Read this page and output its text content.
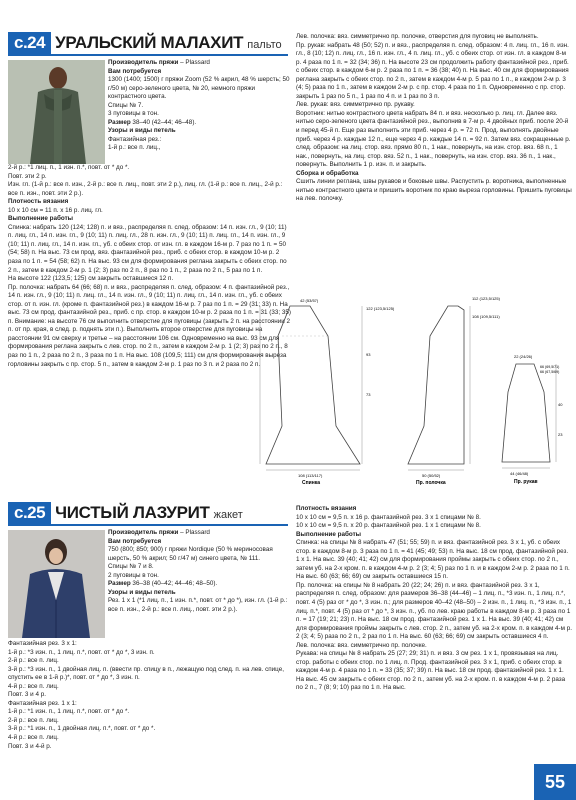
с.24 УРАЛЬСКИЙ МАЛАХИТ пальто

Производитель пряжи – Plassard

Вам потребуется

1300 (1400; 1500) г пряжи Zoom (52 % акрил, 48 % шерсть; 50 г/50 м) серо-зеленого цвета, № 20, немного пряжи контрастного цвета.

Спицы № 7.

3 пуговицы в тон.

Размер 38–40 (42–44; 46–48).

Узоры и виды петель

Фантазийная рез.:

1-й р.: все п. лиц.,

2-й р.: *1 лиц. п., 1 изн. п.*, повт. от * до *.

Повт. эти 2 р.

Изн. гл. (1-й р.: все п. изн., 2-й р.: все п. лиц., повт. эти 2 р.), лиц. гл. (1-й р.: все п. лиц., 2-й р.: все п. изн., повт. эти 2 р.).

Плотность вязания

10 x 10 см = 11 п. x 16 р. лиц. гл.

Выполнение работы

Спинка: набрать 120 (124; 128) п. и вяз., распределяя п. след. образом: 14 п. изн. гл., 9 (10; 11) п. лиц. гл., 14 п. изн. гл., 9 (10; 11) п. лиц. гл., 28 п. изн. гл., 9 (10; 11) п. лиц. гл., 14 п. изн. гл., 9 (10; 11) п. лиц. гл., 14 п. изн. гл., уб. с обеих стор. от изн. гл. в каждом 16-м р. 7 раз по 1 п. = 50 (54; 58) п. На выс. 73 см прод. вяз. фантазийной рез., приб. с обеих стор. в каждом 10-м р. 2 раза по 1 п. = 54 (58; 62) п. На выс. 93 см для формирования реглана закрыть с обеих стор. по 2 п., затем в каждом 2-м р. 1 (2; 3) раз по 2 п., 8 раз по 1 п., 2 раза по 2 п., 5 раз по 1 п.

На высоте 122 (123,5; 125) см закрыть оставшиеся 12 п.

Пр. полочка: набрать 64 (66; 68) п. и вяз., распределяя п. след. образом: 4 п. фантазийной рез., 14 п. изн. гл., 9 (10; 11) п. лиц. гл., 14 п. изн. гл., 9 (10; 11) п. лиц. гл., 14 п. изн. гл., уб. с обеих стор. от п. изн. гл. (кроме п. фантазийной рез.) в каждом 16-м р. 7 раз по 1 п. = 29 (31; 33) п. На выс. 73 см прод. фантазийной рез., приб. с пр. стор. в каждом 10-м р. 2 раза по 1 п. = 31 (33; 35) п. Внимание: на высоте 76 см выполнить отверстие для пуговицы (закрыть 2 п. на расстоянии 2 п. от пр. края, в след. р. поднять эти п.). Выполнить второе отверстие для пуговицы на расстоянии 91 см сверху и третье – на расстоянии 106 см. Одновременно на выс. 93 см для формирования реглана закрыть с лев. стор. по 2 п., затем в каждом 2-м р. 1 (2; 3) раз по 2 п., 8 раз по 1 п., 2 раза по 2 п., 3 раза по 1 п. На выс. 108 (109,5; 111) см для формирования выреза горловины закрыть с пр. стор. 5 п., затем в каждом 2-м р. 1 раз по 3 п. и 2 раза по 2 п.

Лев. полочка: вяз. симметрично пр. полочке, отверстия для пуговиц не выполнять.

Пр. рукав: набрать 48 (50; 52) п. и вяз., распределяя п. след. образом: 4 п. лиц. гл., 16 п. изн. гл., 8 (10; 12) п. лиц. гл., 16 п. изн. гл., 4 п. лиц. гл., уб. с обеих стор. от изн. гл. в каждом 8-м р. 4 раза по 1 п. = 32 (34; 36) п. На высоте 23 см продолжить работу фантазийной рез., приб. с обеих стор. в каждом 6-м р. 2 раза по 1 п. = 36 (38; 40) п. На выс. 40 см для формирования реглана закрыть с обеих стор. по 2 п., затем в каждом 4-м р. 5 раз по 1 п., в каждом 2-м р. 3 (4; 5) раза по 1 п., затем в каждом 2-м р. с пр. стор. 4 раза по 1 п. Одновременно с пр. стор. закрыть 1 раз по 5 п., 1 раз по 4 п. и 1 раз по 3 п.

Лев. рукав: вяз. симметрично пр. рукаву.

Воротник: нитью контрастного цвета набрать 84 п. и вяз. несколько р. лиц. гл. Далее вяз. нитью серо-зеленого цвета фантазийной рез., выполнив в 7-м р. 4 двойных приб. после 20-й и перед 45-й п. Еще раз выполнить эти приб. через 4 р. = 72 п. Прод. выполнять двойные приб. через 4 р. каждые 12 п., еще через 4 р. каждые 14 п. = 92 п. Затем вяз. сокращенные р. след. образом: на лиц. стор. вяз. прямо 80 п., 1 нак., повернуть, на изн. стор. вяз. 68 п., 1 нак., повернуть, на лиц. стор. вяз. 52 п., 1 нак., повернуть, на изн. стор. вяз. 36 п., 1 нак., повернуть. Выполнить 1 р. изн. п. и закрыть.

Сборка и обработка

Сшить линии реглана, швы рукавов и боковые швы. Распустить р. воротника, выполненные нитью контрастного цвета и пришить воротник по краю выреза горловины. Пришить пуговицы на лев. полочку.

42 (53/57)
122 (123,5/125)
93
73
108 (113/117)
Спинка
112 (123,5/125)
108 (109,5/111)
50 (50/52)
Пр. полочка
22 (24/26)
66 (69,5/71)
66 (67,5/69)
40
23
44 (46/48)
Пр. рукав
с.25 ЧИСТЫЙ ЛАЗУРИТ жакет

Производитель пряжи – Plassard

Вам потребуется

750 (800; 850; 900) г пряжи Nordique (50 % мериносовая шерсть, 50 % акрил; 50 г/47 м) синего цвета, № 111.

Спицы № 7 и 8.

2 пуговицы в тон.

Размер 36–38 (40–42; 44–46; 48–50).

Узоры и виды петель

Рез. 1 x 1 (*1 лиц. п., 1 изн. п.*, повт. от * до *), изн. гл. (1-й р.: все п. изн., 2-й р.: все п. лиц., повт. эти 2 р.).

Фантазийная рез. 3 x 1:

1-й р.: *3 изн. п., 1 лиц. п.*, повт. от * до *, 3 изн. п.

2-й р.: все п. лиц.

3-й р.: *3 изн. п., 1 двойная лиц. п. (ввести пр. спицу в п., лежащую под след. п. на лев. спице, спустить ее в 1-й р.)*, повт. от * до *, 3 изн. п.

4-й р.: все п. лиц.

Повт. 3 и 4 р.

Фантазийная рез. 1 x 1:

1-й р.: *1 изн. п., 1 лиц. п.*, повт. от * до *.

2-й р.: все п. лиц.

3-й р.: *1 изн. п., 1 двойная лиц. п.*, повт. от * до *.

4-й р.: все п. лиц.

Повт. 3 и 4-й р.

Плотность вязания

10 x 10 см = 9,5 п. x 16 р. фантазийной рез. 3 x 1 спицами № 8.

10 x 10 см = 9,5 п. x 20 р. фантазийной рез. 1 x 1 спицами № 8.

Выполнение работы

Спинка: на спицы № 8 набрать 47 (51; 55; 59) п. и вяз. фантазийной рез. 3 x 1, уб. с обеих стор. в каждом 8-м р. 3 раза по 1 п. = 41 (45; 49; 53) п. На выс. 18 см прод. фантазийной рез. 1 x 1. На выс. 39 (40; 41; 42) см для формирования проймы закрыть с обеих стор. по 2 п., затем уб. на 2-х кром. п. в каждом 4-м р. 2 (3; 4; 5) раз по 1 п. и в каждом 2-м р. 2 раза по 1 п. На выс. 60 (63; 66; 69) см закрыть оставшиеся 15 п.

Пр. полочка: на спицы № 8 набрать 20 (22; 24; 26) п. и вяз. фантазийной рез. 3 x 1, распределяя п. след. образом: для размеров 36–38 (44–46) – 1 лиц. п., *3 изн. п., 1 лиц. п.*, повт. 4 (5) раз от * до *, 3 изн. п.; для размеров 40–42 (48–50) – 2 изн. п., 1 лиц. п., *3 изн. п., 1 лиц. п.*, повт. 4 (5) раз от * до *, 3 изн. п., уб. по лев. краю работы в каждом 8-м р. 3 раза по 1 п. = 17 (19; 21; 23) п. На выс. 18 см прод. фантазийной рез. 1 x 1. На выс. 39 (40; 41; 42) см для формирования проймы закрыть с лев. стор. 2 п., затем уб. на 2-х кром. п. в каждом 4-м р. 2 (3; 4; 5) раза по 2 п., 2 раз по 1 п. На выс. 60 (63; 66; 69) см закрыть оставшиеся 4 п.

Лев. полочка: вяз. симметрично пр. полочке.

Рукава: на спицы № 8 набрать 25 (27; 29; 31) п. и вяз. 3 см рез. 1 x 1, провязывая на лиц. стор. работы с обеих стор. по 1 лиц. п. Прод. фантазийной рез. 3 x 1, приб. с обеих стор. в каждом 4-м р. 4 раза по 1 п. = 33 (35; 37; 39) п. На выс. 18 см прод. фантазийной рез. 1 x 1. На выс. 45 см закрыть с обеих стор. по 2 п., затем уб. на 2-х кром. п. в каждом 4-м р. 2 раза по 2 п., 7 (8; 9; 10) раз по 1 п. На выс.

55
